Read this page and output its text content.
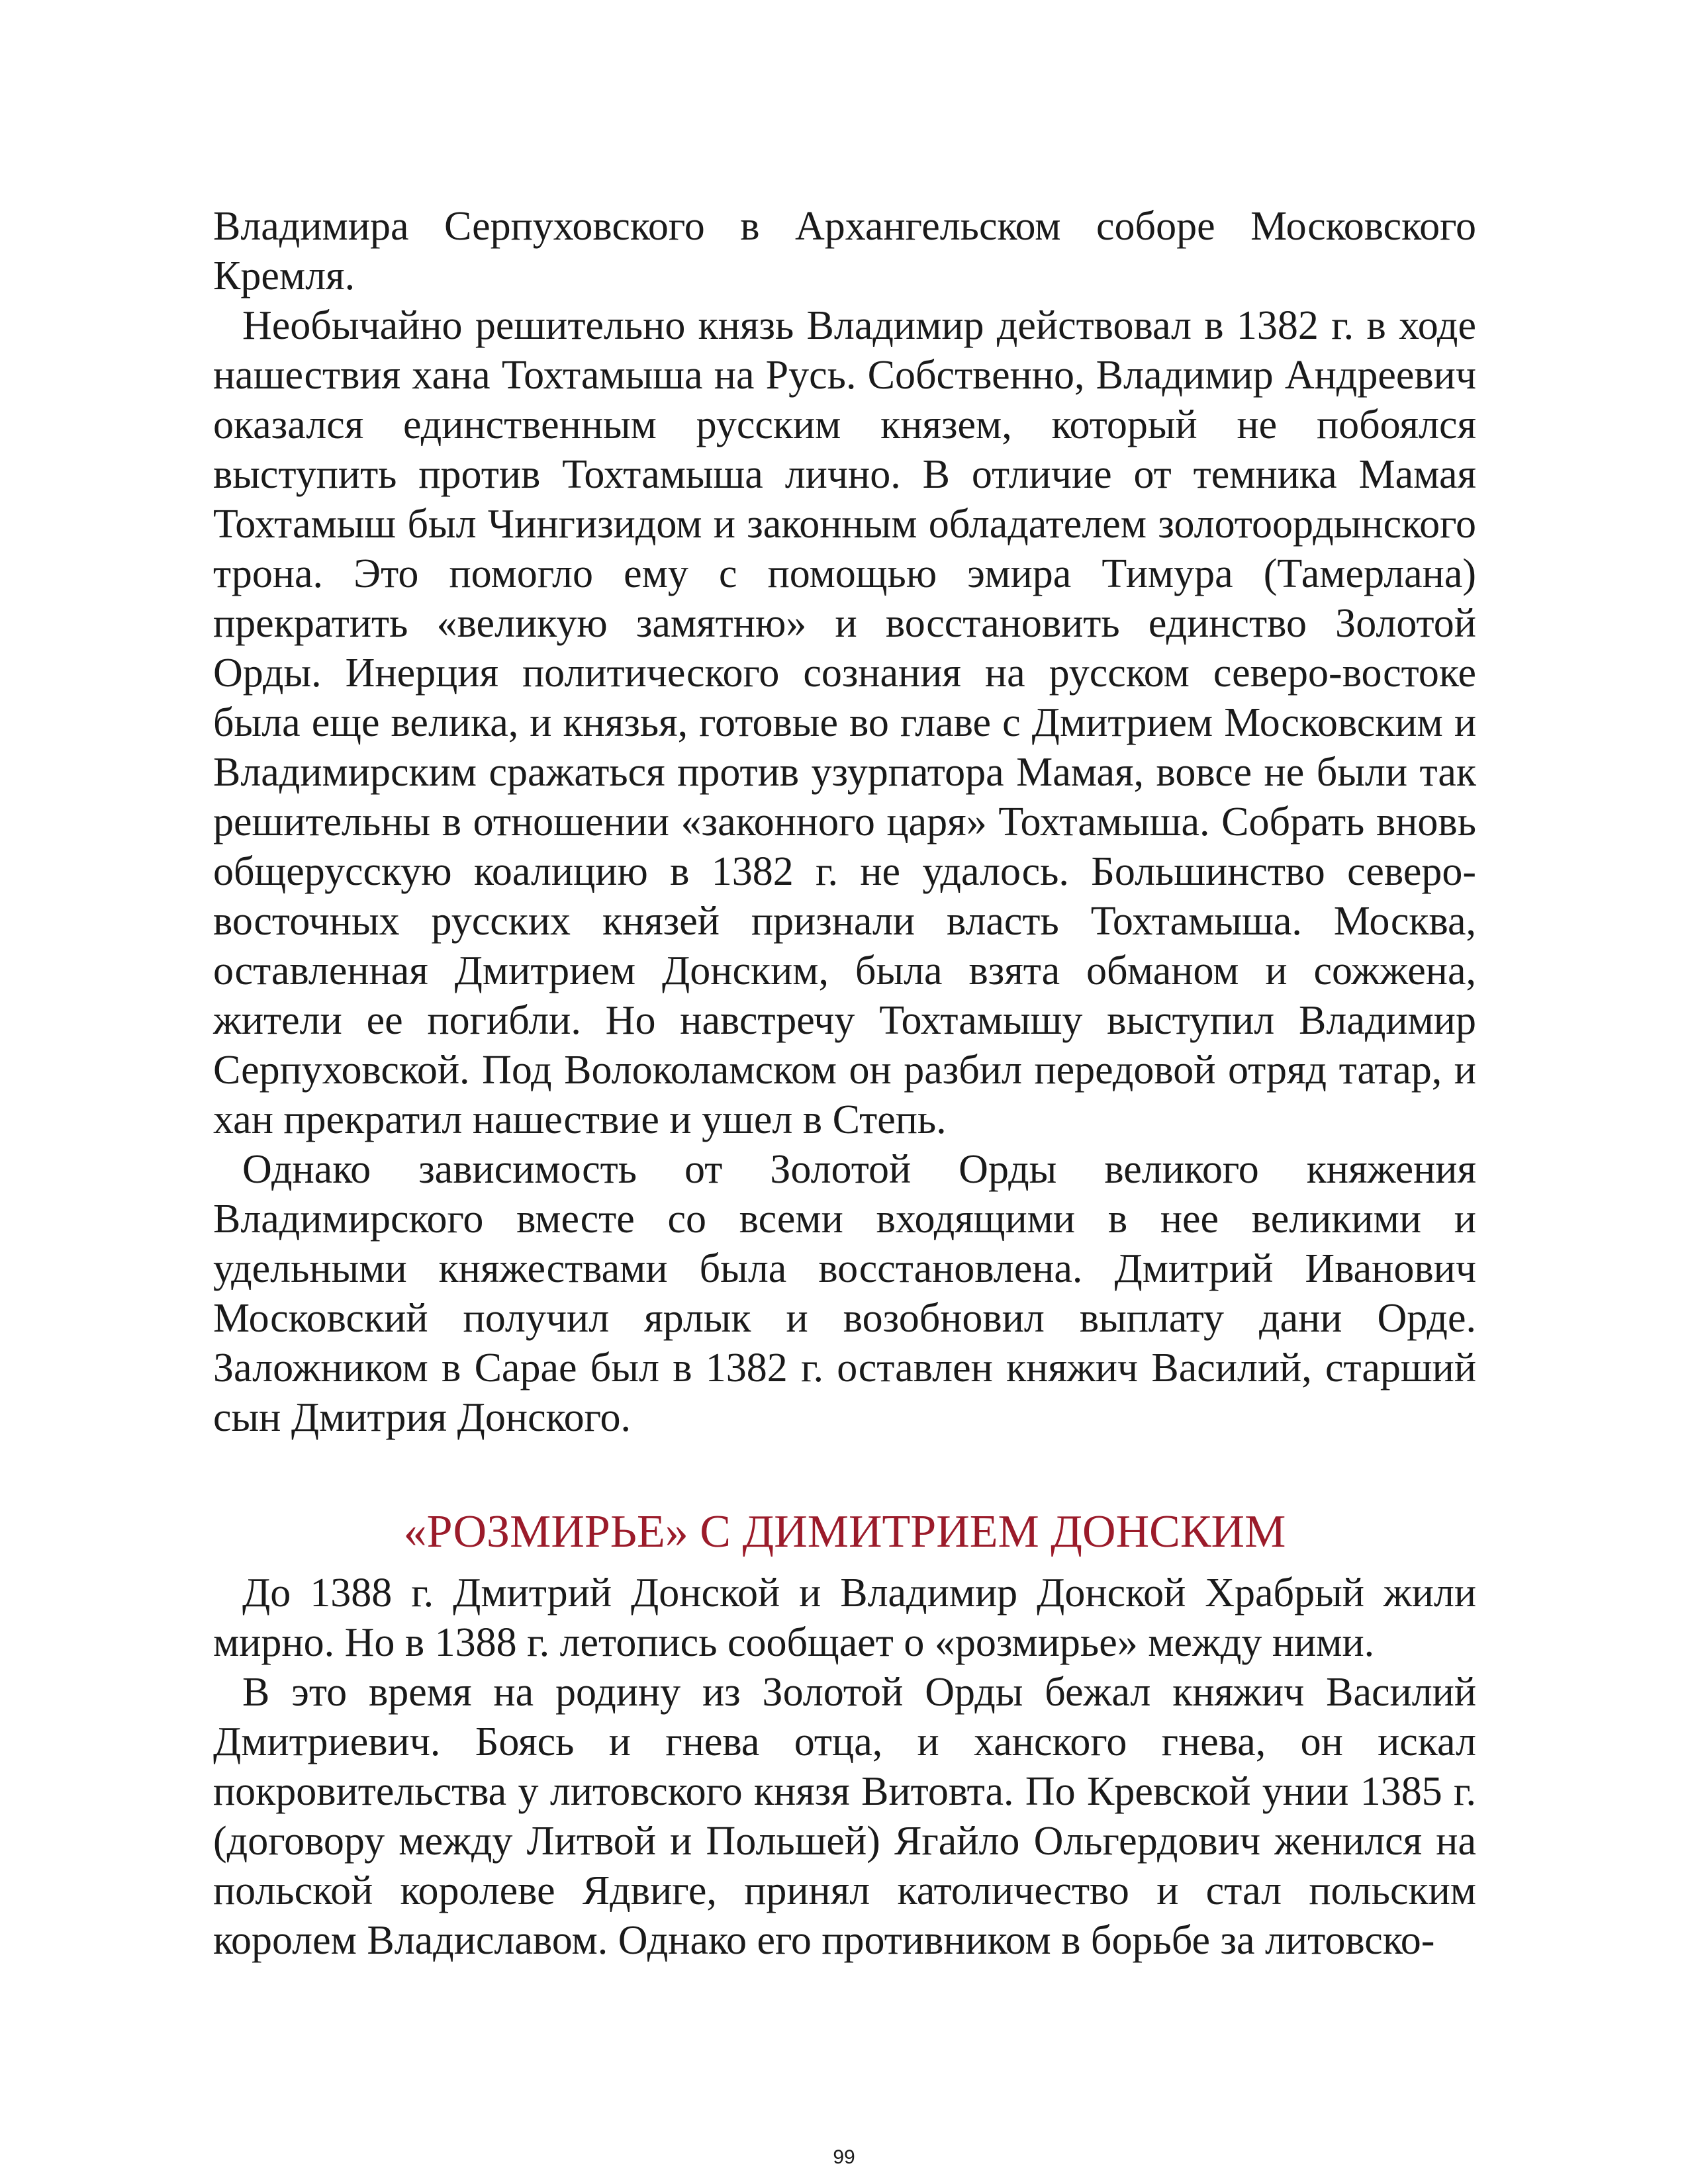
Владимира Серпуховского в Архангельском соборе Московского Кремля.

Необычайно решительно князь Владимир действовал в 1382 г. в ходе нашествия хана Тохтамыша на Русь. Собственно, Владимир Андреевич оказался единственным русским князем, который не побоялся выступить против Тохтамыша лично. В отличие от темника Мамая Тохтамыш был Чингизидом и законным обладателем золотоордынского трона. Это помогло ему с помощью эмира Тимура (Тамерлана) прекратить «великую замятню» и восстановить единство Золотой Орды. Инерция политического сознания на русском северо-востоке была еще велика, и князья, готовые во главе с Дмитрием Московским и Владимирским сражаться против узурпатора Мамая, вовсе не были так решительны в отношении «законного царя» Тохтамыша. Собрать вновь общерусскую коалицию в 1382 г. не удалось. Большинство северо-восточных русских князей признали власть Тохтамыша. Москва, оставленная Дмитрием Донским, была взята обманом и сожжена, жители ее погибли. Но навстречу Тохтамышу выступил Владимир Серпуховской. Под Волоколамском он разбил передовой отряд татар, и хан прекратил нашествие и ушел в Степь.

Однако зависимость от Золотой Орды великого княжения Владимирского вместе со всеми входящими в нее великими и удельными княжествами была восстановлена. Дмитрий Иванович Московский получил ярлык и возобновил выплату дани Орде. Заложником в Сарае был в 1382 г. оставлен княжич Василий, старший сын Дмитрия Донского.

«РОЗМИРЬЕ» С ДИМИТРИЕМ ДОНСКИМ

До 1388 г. Дмитрий Донской и Владимир Донской Храбрый жили мирно. Но в 1388 г. летопись сообщает о «розмирье» между ними.

В это время на родину из Золотой Орды бежал княжич Василий Дмитриевич. Боясь и гнева отца, и ханского гнева, он искал покровительства у литовского князя Витовта. По Кревской унии 1385 г. (договору между Литвой и Польшей) Ягайло Ольгердович женился на польской королеве Ядвиге, принял католичество и стал польским королем Владиславом. Однако его противником в борьбе за литовско-

99
